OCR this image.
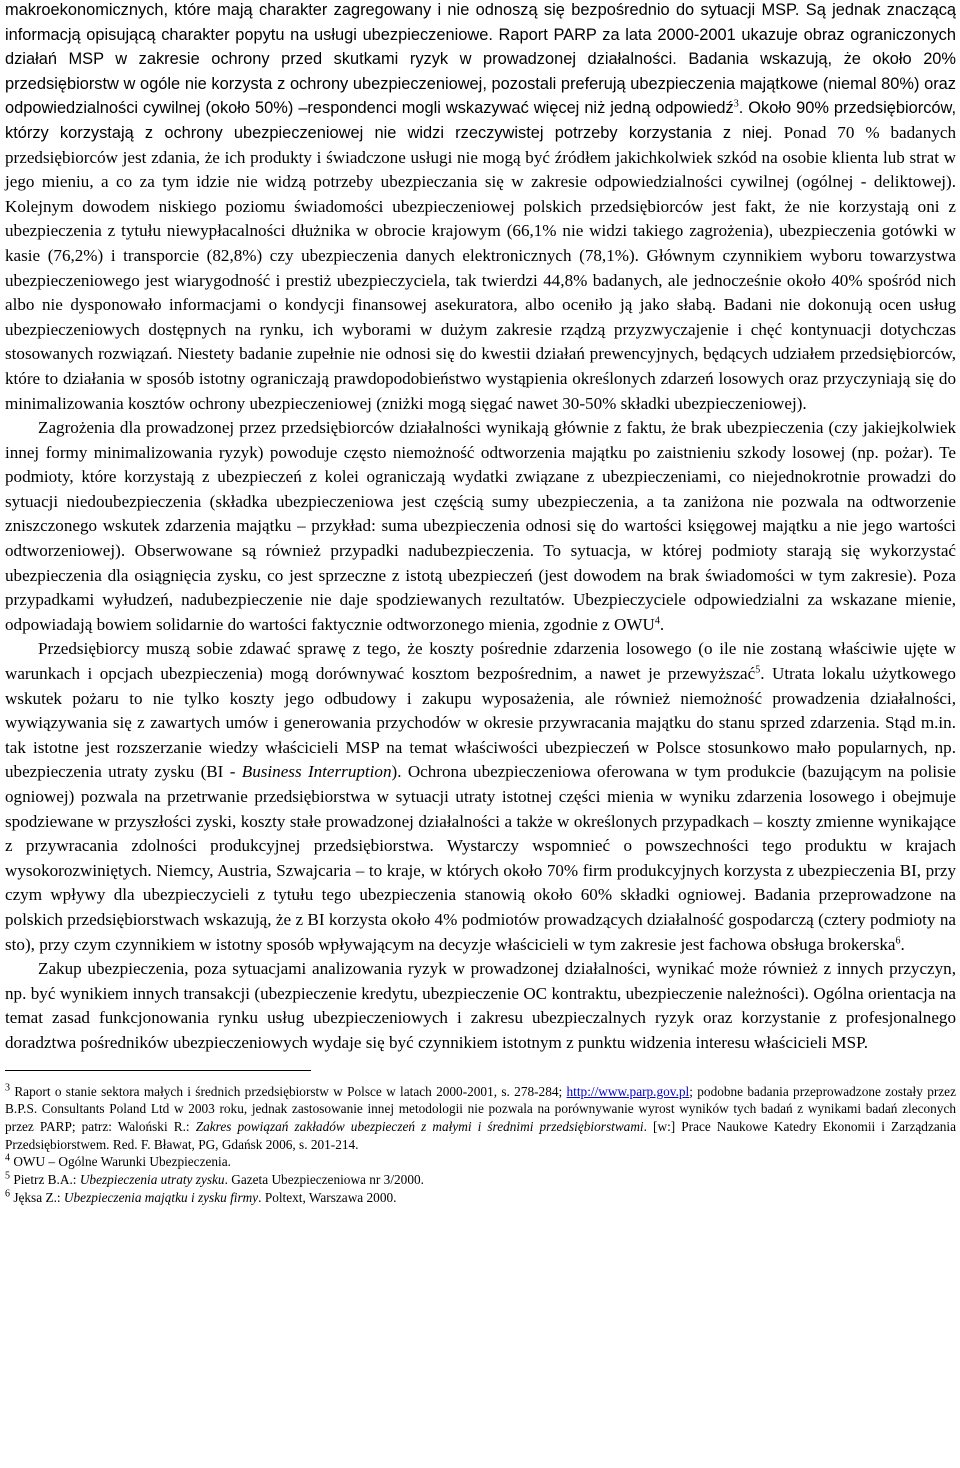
makroekonomicznych, które mają charakter zagregowany i nie odnoszą się bezpośrednio do sytuacji MSP. Są jednak znaczącą informacją opisującą charakter popytu na usługi ubezpieczeniowe. Raport PARP za lata 2000-2001 ukazuje obraz ograniczonych działań MSP w zakresie ochrony przed skutkami ryzyk w prowadzonej działalności. Badania wskazują, że około 20% przedsiębiorstw w ogóle nie korzysta z ochrony ubezpieczeniowej, pozostali preferują ubezpieczenia majątkowe (niemal 80%) oraz odpowiedzialności cywilnej (około 50%) –respondenci mogli wskazywać więcej niż jedną odpowiedź$^3$. Około 90% przedsiębiorców, którzy korzystają z ochrony ubezpieczeniowej nie widzi rzeczywistej potrzeby korzystania z niej. Ponad 70 % badanych przedsiębiorców jest zdania, że ich produkty i świadczone usługi nie mogą być źródłem jakichkolwiek szkód na osobie klienta lub strat w jego mieniu, a co za tym idzie nie widzą potrzeby ubezpieczania się w zakresie odpowiedzialności cywilnej (ogólnej - deliktowej). Kolejnym dowodem niskiego poziomu świadomości ubezpieczeniowej polskich przedsiębiorców jest fakt, że nie korzystają oni z ubezpieczenia z tytułu niewypłacalności dłużnika w obrocie krajowym (66,1% nie widzi takiego zagrożenia), ubezpieczenia gotówki w kasie (76,2%) i transporcie (82,8%) czy ubezpieczenia danych elektronicznych (78,1%). Głównym czynnikiem wyboru towarzystwa ubezpieczeniowego jest wiarygodność i prestiż ubezpieczyciela, tak twierdzi 44,8% badanych, ale jednocześnie około 40% spośród nich albo nie dysponowało informacjami o kondycji finansowej asekuratora, albo oceniło ją jako słabą. Badani nie dokonują ocen usług ubezpieczeniowych dostępnych na rynku, ich wyborami w dużym zakresie rządzą przyzwyczajenie i chęć kontynuacji dotychczas stosowanych rozwiązań. Niestety badanie zupełnie nie odnosi się do kwestii działań prewencyjnych, będących udziałem przedsiębiorców, które to działania w sposób istotny ograniczają prawdopodobieństwo wystąpienia określonych zdarzeń losowych oraz przyczyniają się do minimalizowania kosztów ochrony ubezpieczeniowej (zniżki mogą sięgać nawet 30-50% składki ubezpieczeniowej).

Zagrożenia dla prowadzonej przez przedsiębiorców działalności wynikają głównie z faktu, że brak ubezpieczenia (czy jakiejkolwiek innej formy minimalizowania ryzyk) powoduje często niemożność odtworzenia majątku po zaistnieniu szkody losowej (np. pożar). Te podmioty, które korzystają z ubezpieczeń z kolei ograniczają wydatki związane z ubezpieczeniami, co niejednokrotnie prowadzi do sytuacji niedoubezpieczenia (składka ubezpieczeniowa jest częścią sumy ubezpieczenia, a ta zaniżona nie pozwala na odtworzenie zniszczonego wskutek zdarzenia majątku – przykład: suma ubezpieczenia odnosi się do wartości księgowej majątku a nie jego wartości odtworzeniowej). Obserwowane są również przypadki nadubezpieczenia. To sytuacja, w której podmioty starają się wykorzystać ubezpieczenia dla osiągnięcia zysku, co jest sprzeczne z istotą ubezpieczeń (jest dowodem na brak świadomości w tym zakresie). Poza przypadkami wyłudzeń, nadubezpieczenie nie daje spodziewanych rezultatów. Ubezpieczyciele odpowiedzialni za wskazane mienie, odpowiadają bowiem solidarnie do wartości faktycznie odtworzonego mienia, zgodnie z OWU$^4$.

Przedsiębiorcy muszą sobie zdawać sprawę z tego, że koszty pośrednie zdarzenia losowego (o ile nie zostaną właściwie ujęte w warunkach i opcjach ubezpieczenia) mogą dorównywać kosztom bezpośrednim, a nawet je przewyższać$^5$. Utrata lokalu użytkowego wskutek pożaru to nie tylko koszty jego odbudowy i zakupu wyposażenia, ale również niemożność prowadzenia działalności, wywiązywania się z zawartych umów i generowania przychodów w okresie przywracania majątku do stanu sprzed zdarzenia. Stąd m.in. tak istotne jest rozszerzanie wiedzy właścicieli MSP na temat właściwości ubezpieczeń w Polsce stosunkowo mało popularnych, np. ubezpieczenia utraty zysku (BI - Business Interruption). Ochrona ubezpieczeniowa oferowana w tym produkcie (bazującym na polisie ogniowej) pozwala na przetrwanie przedsiębiorstwa w sytuacji utraty istotnej części mienia w wyniku zdarzenia losowego i obejmuje spodziewane w przyszłości zyski, koszty stałe prowadzonej działalności a także w określonych przypadkach – koszty zmienne wynikające z przywracania zdolności produkcyjnej przedsiębiorstwa. Wystarczy wspomnieć o powszechności tego produktu w krajach wysokorozwiniętych. Niemcy, Austria, Szwajcaria – to kraje, w których około 70% firm produkcyjnych korzysta z ubezpieczenia BI, przy czym wpływy dla ubezpieczycieli z tytułu tego ubezpieczenia stanowią około 60% składki ogniowej. Badania przeprowadzone na polskich przedsiębiorstwach wskazują, że z BI korzysta około 4% podmiotów prowadzących działalność gospodarczą (cztery podmioty na sto), przy czym czynnikiem w istotny sposób wpływającym na decyzje właścicieli w tym zakresie jest fachowa obsługa brokerska$^6$.

Zakup ubezpieczenia, poza sytuacjami analizowania ryzyk w prowadzonej działalności, wynikać może również z innych przyczyn, np. być wynikiem innych transakcji (ubezpieczenie kredytu, ubezpieczenie OC kontraktu, ubezpieczenie należności). Ogólna orientacja na temat zasad funkcjonowania rynku usług ubezpieczeniowych i zakresu ubezpieczalnych ryzyk oraz korzystanie z profesjonalnego doradztwa pośredników ubezpieczeniowych wydaje się być czynnikiem istotnym z punktu widzenia interesu właścicieli MSP.

$^3$ Raport o stanie sektora małych i średnich przedsiębiorstw w Polsce w latach 2000-2001, s. 278-284; http://www.parp.gov.pl; podobne badania przeprowadzone zostały przez B.P.S. Consultants Poland Ltd w 2003 roku, jednak zastosowanie innej metodologii nie pozwala na porównywanie wyrost wyników tych badań z wynikami badań zleconych przez PARP; patrz: Waloński R.: Zakres powiązań zakładów ubezpieczeń z małymi i średnimi przedsiębiorstwami. [w:] Prace Naukowe Katedry Ekonomii i Zarządzania Przedsiębiorstwem. Red. F. Bławat, PG, Gdańsk 2006, s. 201-214.

$^4$ OWU – Ogólne Warunki Ubezpieczenia.

$^5$ Pietrz B.A.: Ubezpieczenia utraty zysku. Gazeta Ubezpieczeniowa nr 3/2000.

$^6$ Jęksa Z.: Ubezpieczenia majątku i zysku firmy. Poltext, Warszawa 2000.
